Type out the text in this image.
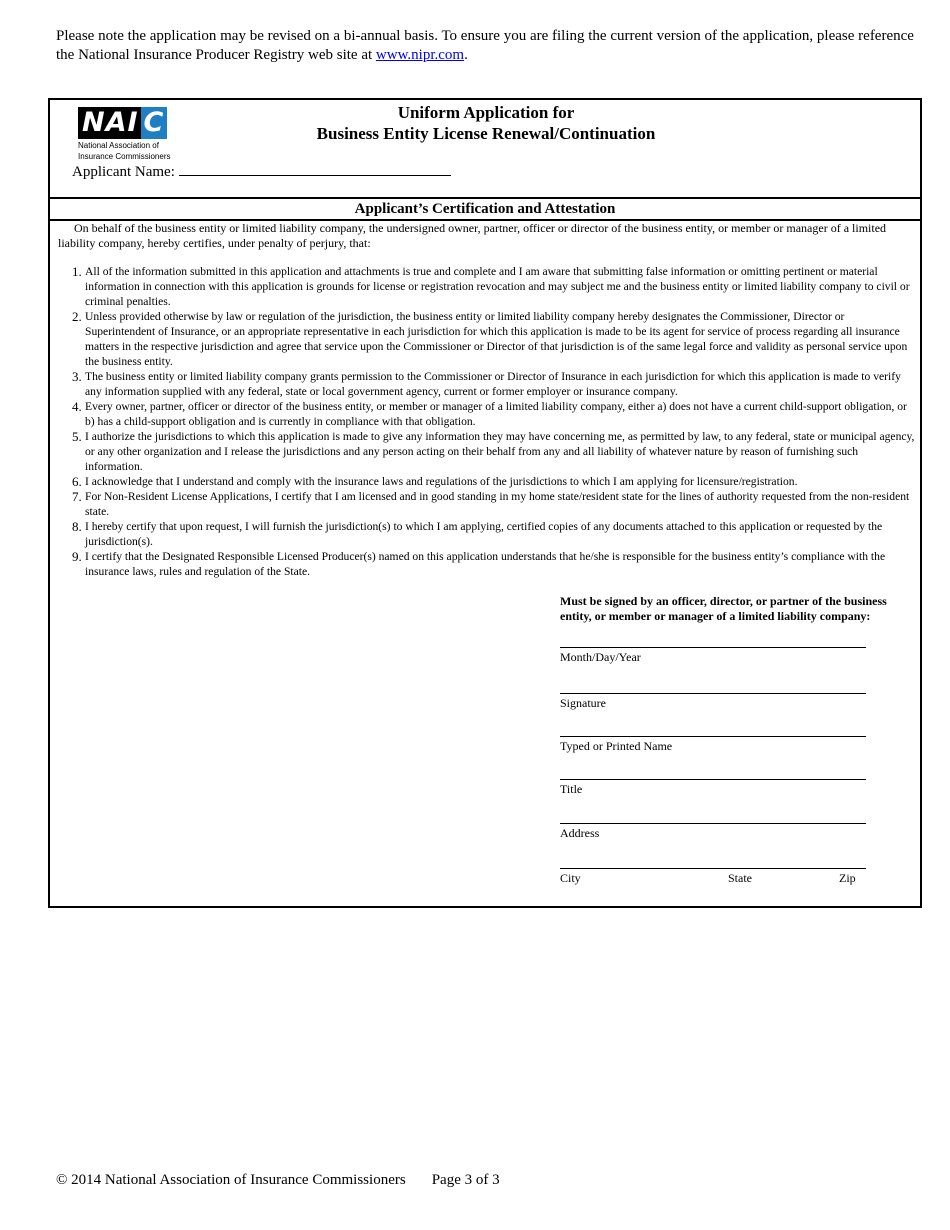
Please note the application may be revised on a bi-annual basis. To ensure you are filing the current version of the application, please reference the National Insurance Producer Registry web site at www.nipr.com.
NAI C
National Association of
Insurance Commissioners
Uniform Application for
Business Entity License Renewal/Continuation
Applicant Name:
Applicant’s Certification and Attestation
On behalf of the business entity or limited liability company, the undersigned owner, partner, officer or director of the business entity, or member or manager of a limited liability company, hereby certifies, under penalty of perjury, that:
1. All of the information submitted in this application and attachments is true and complete and I am aware that submitting false information or omitting pertinent or material information in connection with this application is grounds for license or registration revocation and may subject me and the business entity or limited liability company to civil or criminal penalties.
2. Unless provided otherwise by law or regulation of the jurisdiction, the business entity or limited liability company hereby designates the Commissioner, Director or Superintendent of Insurance, or an appropriate representative in each jurisdiction for which this application is made to be its agent for service of process regarding all insurance matters in the respective jurisdiction and agree that service upon the Commissioner or Director of that jurisdiction is of the same legal force and validity as personal service upon the business entity.
3. The business entity or limited liability company grants permission to the Commissioner or Director of Insurance in each jurisdiction for which this application is made to verify any information supplied with any federal, state or local government agency, current or former employer or insurance company.
4. Every owner, partner, officer or director of the business entity, or member or manager of a limited liability company, either a) does not have a current child-support obligation, or b) has a child-support obligation and is currently in compliance with that obligation.
5. I authorize the jurisdictions to which this application is made to give any information they may have concerning me, as permitted by law, to any federal, state or municipal agency, or any other organization and I release the jurisdictions and any person acting on their behalf from any and all liability of whatever nature by reason of furnishing such information.
6. I acknowledge that I understand and comply with the insurance laws and regulations of the jurisdictions to which I am applying for licensure/registration.
7. For Non-Resident License Applications, I certify that I am licensed and in good standing in my home state/resident state for the lines of authority requested from the non-resident state.
8. I hereby certify that upon request, I will furnish the jurisdiction(s) to which I am applying, certified copies of any documents attached to this application or requested by the jurisdiction(s).
9. I certify that the Designated Responsible Licensed Producer(s) named on this application understands that he/she is responsible for the business entity’s compliance with the insurance laws, rules and regulation of the State.
Must be signed by an officer, director, or partner of the business entity, or member or manager of a limited liability company:
Month/Day/Year
Signature
Typed or Printed Name
Title
Address
City	State	Zip
© 2014 National Association of Insurance Commissioners Page 3 of 3
